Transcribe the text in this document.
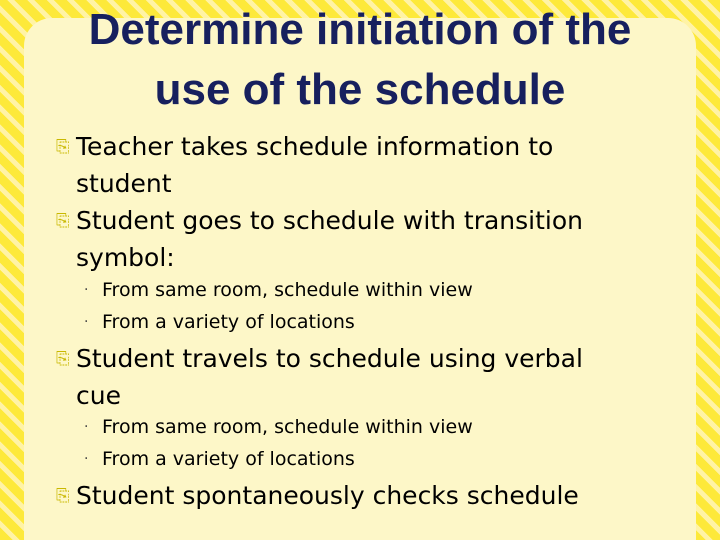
Determine initiation of the
use of the schedule
⎘ Teacher takes schedule information to
student
⎘ Student goes to schedule with transition
symbol:
· From same room, schedule within view
· From a variety of locations
⎘ Student travels to schedule using verbal
cue
· From same room, schedule within view
· From a variety of locations
⎘ Student spontaneously checks schedule
